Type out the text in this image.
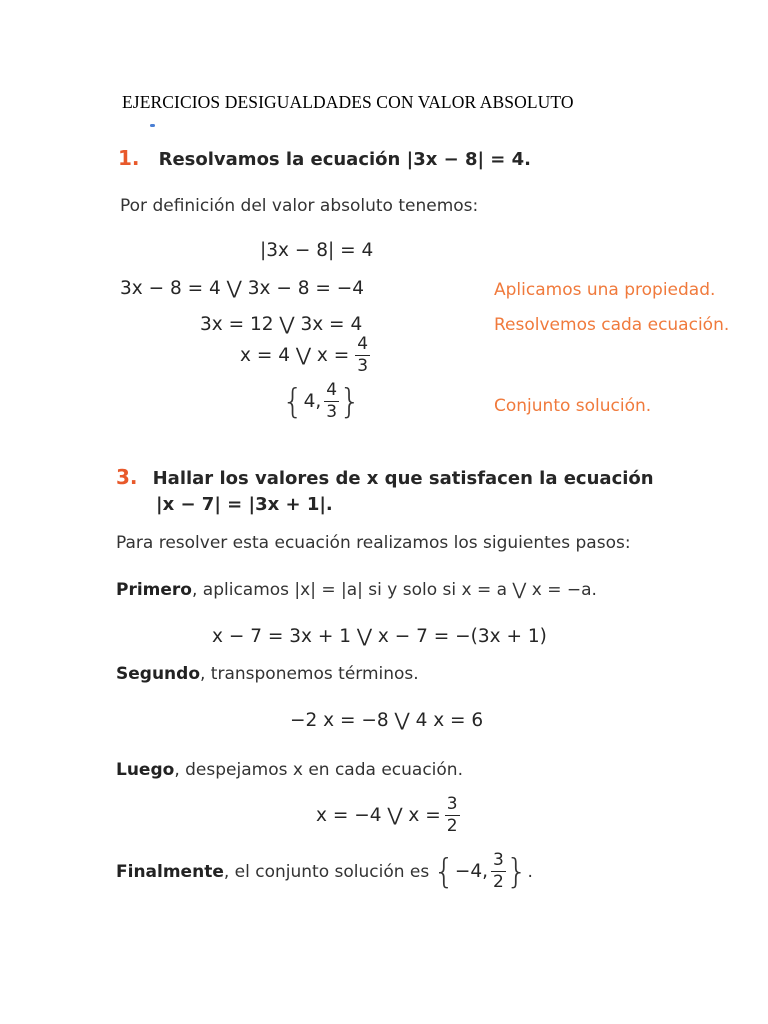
EJERCICIOS DESIGUALDADES CON VALOR ABSOLUTO
1. Resolvamos la ecuación |3x − 8| = 4.
Por definición del valor absoluto tenemos:
|3x − 8| = 4
3x − 8 = 4 ⋁ 3x − 8 = −4
3x = 12 ⋁ 3x = 4
x = 4 ⋁ $x = \frac{4}{3}$
{ 4, $\frac{4}{3}$ }
Aplicamos una propiedad.
Resolvemos cada ecuación.
Conjunto solución.
3. Hallar los valores de x que satisfacen la ecuación
|x − 7| = |3x + 1|.
Para resolver esta ecuación realizamos los siguientes pasos:
Primero, aplicamos |x| = |a| si y solo si x = a ⋁ x = −a.
x − 7 = 3x + 1 ⋁ x − 7 = −(3x + 1)
Segundo, transponemos términos.
−2 x = −8 ⋁ 4 x = 6
Luego, despejamos x en cada ecuación.
x = −4 ⋁ $x = \frac{3}{2}$
Finalmente , el conjunto solución es { −4, $\frac{3}{2}$ } .
